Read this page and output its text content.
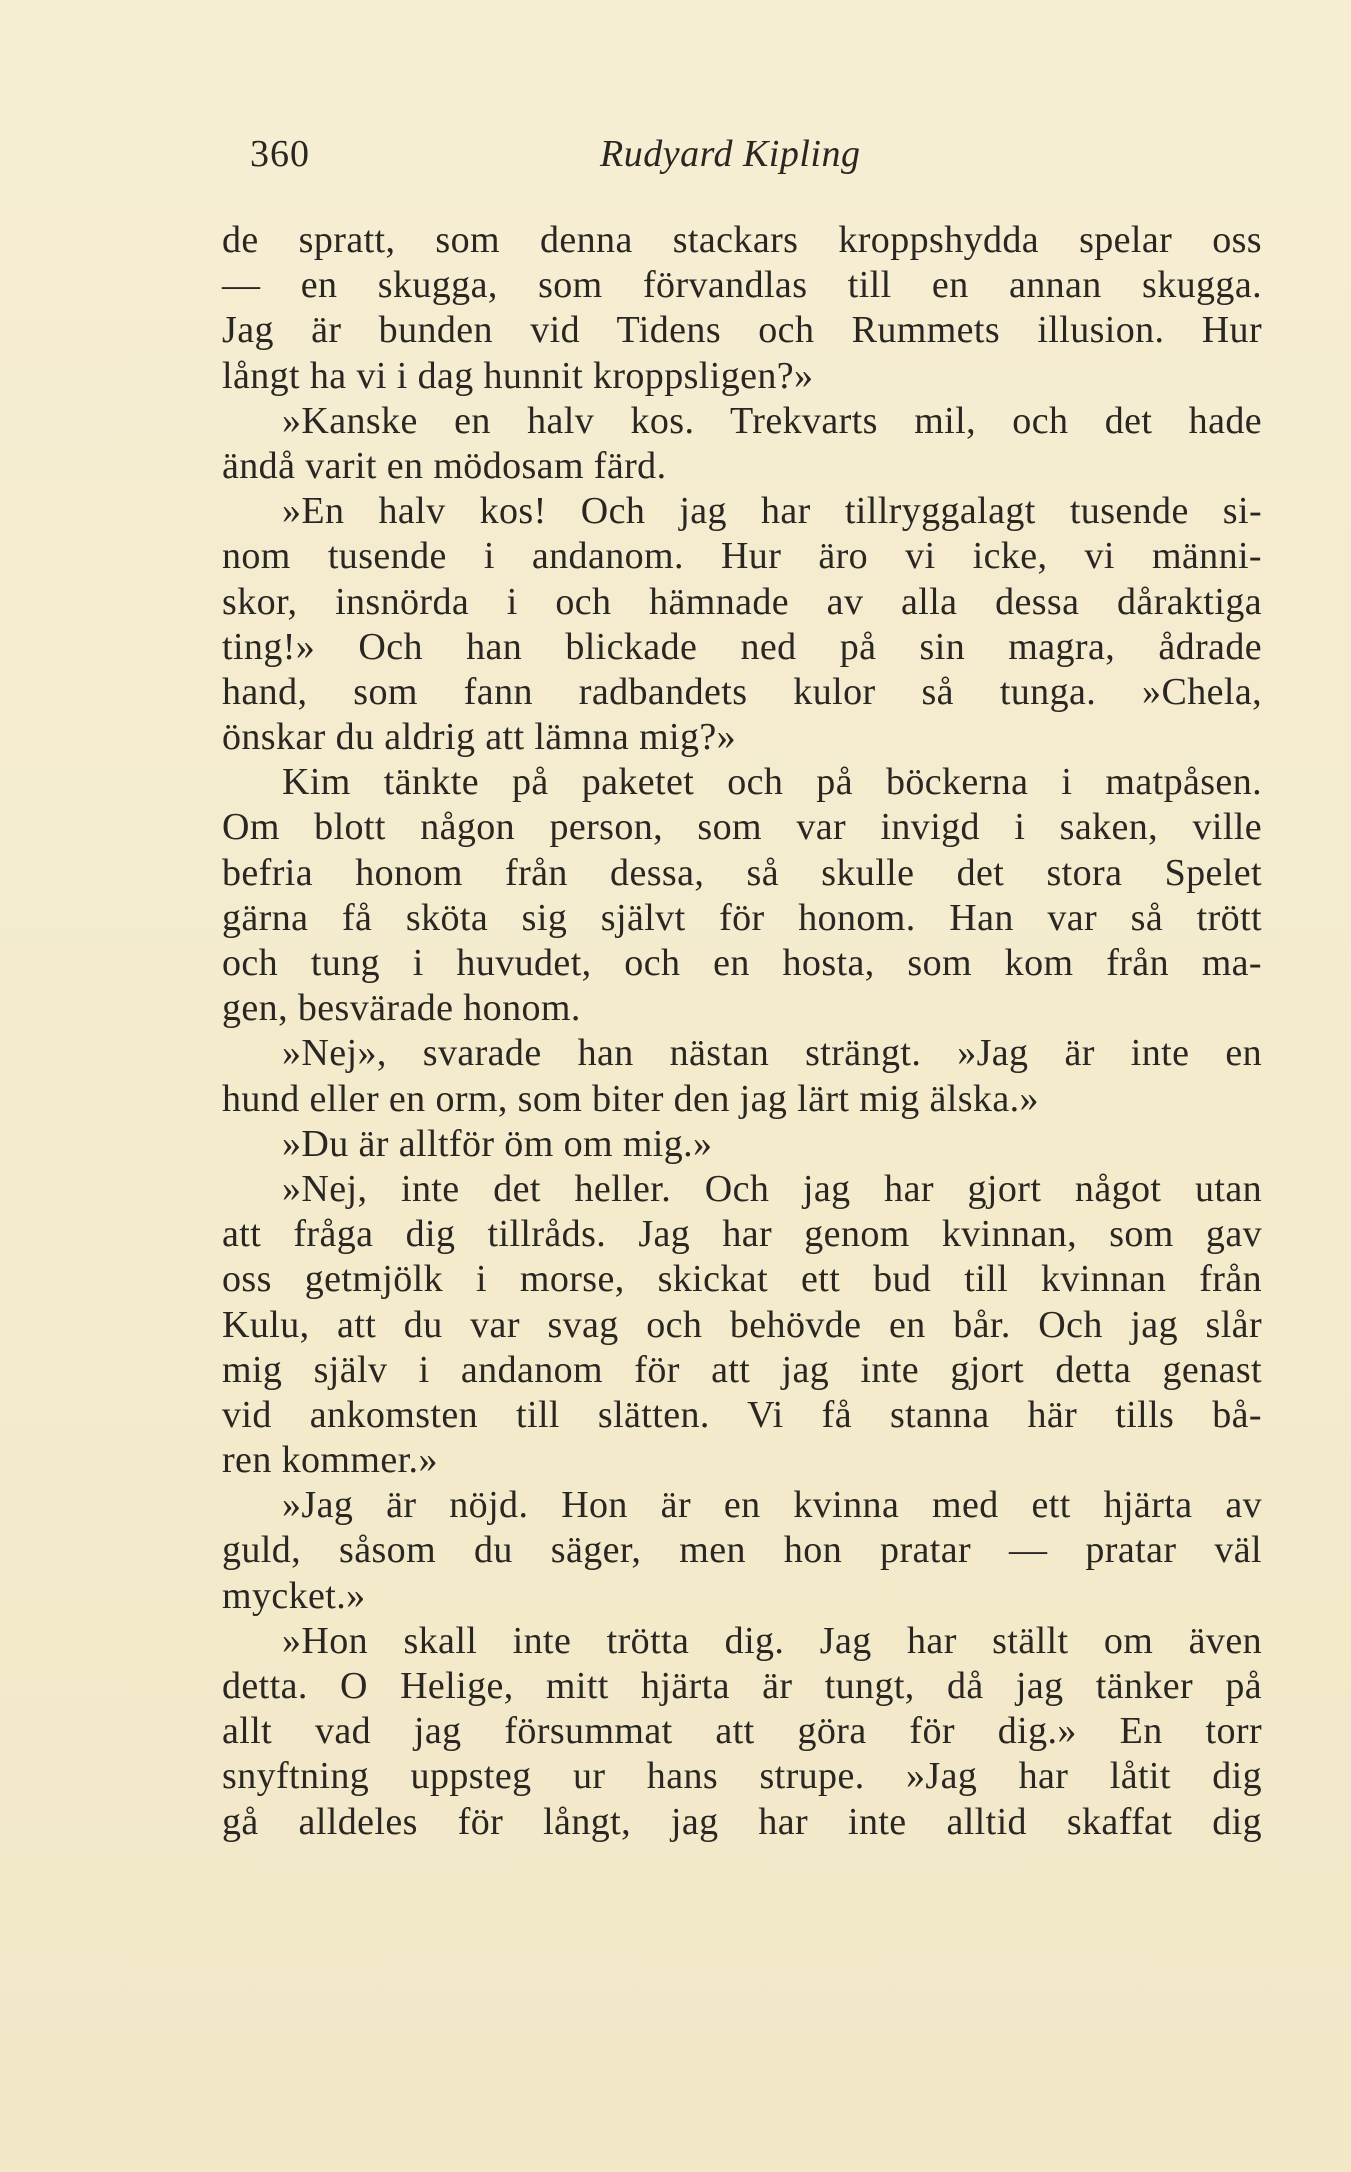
360	Rudyard Kipling
de spratt, som denna stackars kroppshydda spelar oss
— en skugga, som förvandlas till en annan skugga.
Jag är bunden vid Tidens och Rummets illusion. Hur
långt ha vi i dag hunnit kroppsligen?»
»Kanske en halv kos. Trekvarts mil, och det hade
ändå varit en mödosam färd.
»En halv kos! Och jag har tillryggalagt tusende si-
nom tusende i andanom. Hur äro vi icke, vi männi-
skor, insnörda i och hämnade av alla dessa dåraktiga
ting!» Och han blickade ned på sin magra, ådrade
hand, som fann radbandets kulor så tunga. »Chela,
önskar du aldrig att lämna mig?»
Kim tänkte på paketet och på böckerna i matpåsen.
Om blott någon person, som var invigd i saken, ville
befria honom från dessa, så skulle det stora Spelet
gärna få sköta sig självt för honom. Han var så trött
och tung i huvudet, och en hosta, som kom från ma-
gen, besvärade honom.
»Nej», svarade han nästan strängt. »Jag är inte en
hund eller en orm, som biter den jag lärt mig älska.»
»Du är alltför öm om mig.»
»Nej, inte det heller. Och jag har gjort något utan
att fråga dig tillråds. Jag har genom kvinnan, som gav
oss getmjölk i morse, skickat ett bud till kvinnan från
Kulu, att du var svag och behövde en bår. Och jag slår
mig själv i andanom för att jag inte gjort detta genast
vid ankomsten till slätten. Vi få stanna här tills bå-
ren kommer.»
»Jag är nöjd. Hon är en kvinna med ett hjärta av
guld, såsom du säger, men hon pratar — pratar väl
mycket.»
»Hon skall inte trötta dig. Jag har ställt om även
detta. O Helige, mitt hjärta är tungt, då jag tänker på
allt vad jag försummat att göra för dig.» En torr
snyftning uppsteg ur hans strupe. »Jag har låtit dig
gå alldeles för långt, jag har inte alltid skaffat dig
